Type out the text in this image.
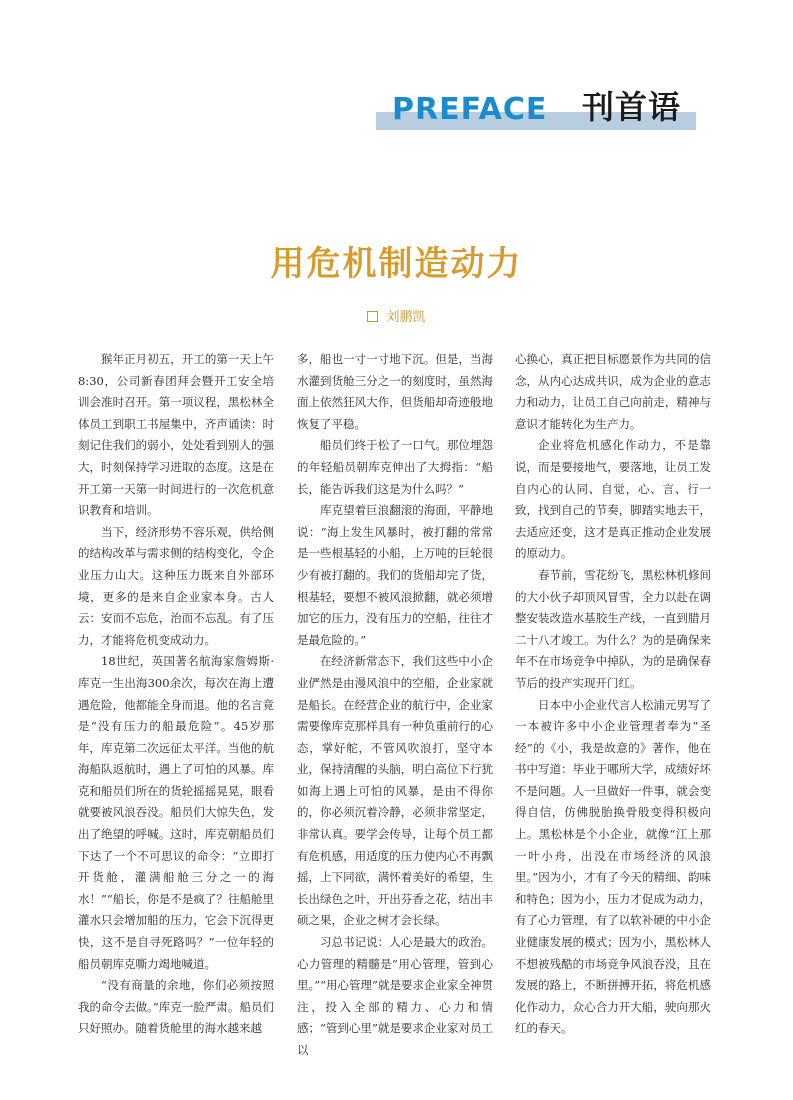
PREFACE 刊首语
用危机制造动力
刘鹏凯

猴年正月初五，开工的第一天上午8:30，公司新春团拜会暨开工安全培训会准时召开。第一项议程，黑松林全体员工到职工书屋集中，齐声诵读：时刻记住我们的弱小，处处看到别人的强大，时刻保持学习进取的态度。这是在开工第一天第一时间进行的一次危机意识教育和培训。

当下，经济形势不容乐观，供给侧的结构改革与需求侧的结构变化，令企业压力山大。这种压力既来自外部环境，更多的是来自企业家本身。古人云：安而不忘危，治而不忘乱。有了压力，才能将危机变成动力。

18世纪，英国著名航海家詹姆斯·库克一生出海300余次，每次在海上遭遇危险，他都能全身而退。他的名言竟是“没有压力的船最危险”。45岁那年，库克第二次远征太平洋。当他的航海船队返航时，遇上了可怕的风暴。库克和船员们所在的货轮摇摇晃晃，眼看就要被风浪吞没。船员们大惊失色，发出了绝望的呼喊。这时，库克朝船员们下达了一个不可思议的命令：“立即打开货舱，灌满船舱三分之一的海水！”“船长，你是不是疯了？往船舱里灌水只会增加船的压力，它会下沉得更快，这不是自寻死路吗？”一位年轻的船员朝库克嘶力竭地喊道。

“没有商量的余地，你们必须按照我的命令去做。”库克一脸严肃。船员们只好照办。随着货舱里的海水越来越

多，船也一寸一寸地下沉。但是，当海水灌到货舱三分之一的刻度时，虽然海面上依然狂风大作，但货船却奇迹般地恢复了平稳。

船员们终于松了一口气。那位埋怨的年轻船员朝库克伸出了大拇指：“船长，能告诉我们这是为什么吗？”

库克望着巨浪翻滚的海面，平静地说：“海上发生风暴时，被打翻的常常是一些根基轻的小船，上万吨的巨轮很少有被打翻的。我们的货船却完了货，根基轻，要想不被风浪掀翻，就必须增加它的压力，没有压力的空船，往往才是最危险的。”

在经济新常态下，我们这些中小企业俨然是由漫风浪中的空船，企业家就是船长。在经营企业的航行中，企业家需要像库克那样具有一种负重前行的心态，掌好舵，不管风吹浪打，坚守本业，保持清醒的头脑，明白高位下行犹如海上遇上可怕的风暴，是由不得你的，你必须沉着冷静，必须非常坚定，非常认真。要学会传导，让每个员工都有危机感，用适度的压力使内心不再飘摇，上下同欲，满怀着美好的希望，生长出绿色之叶，开出芬香之花，结出丰硕之果，企业之树才会长绿。

习总书记说：人心是最大的政治。心力管理的精髓是“用心管理，管到心里。”“用心管理”就是要求企业家全神贯注，投入全部的精力、心力和情感；“管到心里”就是要求企业家对员工以

心换心，真正把目标愿景作为共同的信念，从内心达成共识，成为企业的意志力和动力，让员工自己向前走，精神与意识才能转化为生产力。

企业将危机感化作动力，不是靠说，而是要接地气，要落地，让员工发自内心的认同、自觉，心、言、行一致，找到自己的节奏，脚踏实地去干，去适应还变，这才是真正推动企业发展的原动力。

春节前，雪花纷飞，黑松林机修间的大小伙子却顶风冒雪，全力以赴在调整安装改造水基胶生产线，一直到腊月二十八才竣工。为什么？为的是确保来年不在市场竞争中掉队，为的是确保春节后的投产实现开门红。

日本中小企业代言人松浦元男写了一本被许多中小企业管理者奉为“圣经”的《小，我是故意的》著作，他在书中写道：毕业于哪所大学，成绩好坏不是问题。人一旦做好一件事，就会变得自信，仿佛脱胎换骨般变得积极向上。黑松林是个小企业，就像“江上那一叶小舟，出没在市场经济的风浪里。”因为小，才有了今天的精细、韵味和特色；因为小，压力才促成为动力，有了心力管理，有了以软补硬的中小企业健康发展的模式；因为小，黑松林人不想被残酷的市场竞争风浪吞没，且在发展的路上，不断拼搏开拓，将危机感化作动力，众心合力开大船，驶向那火红的春天。
